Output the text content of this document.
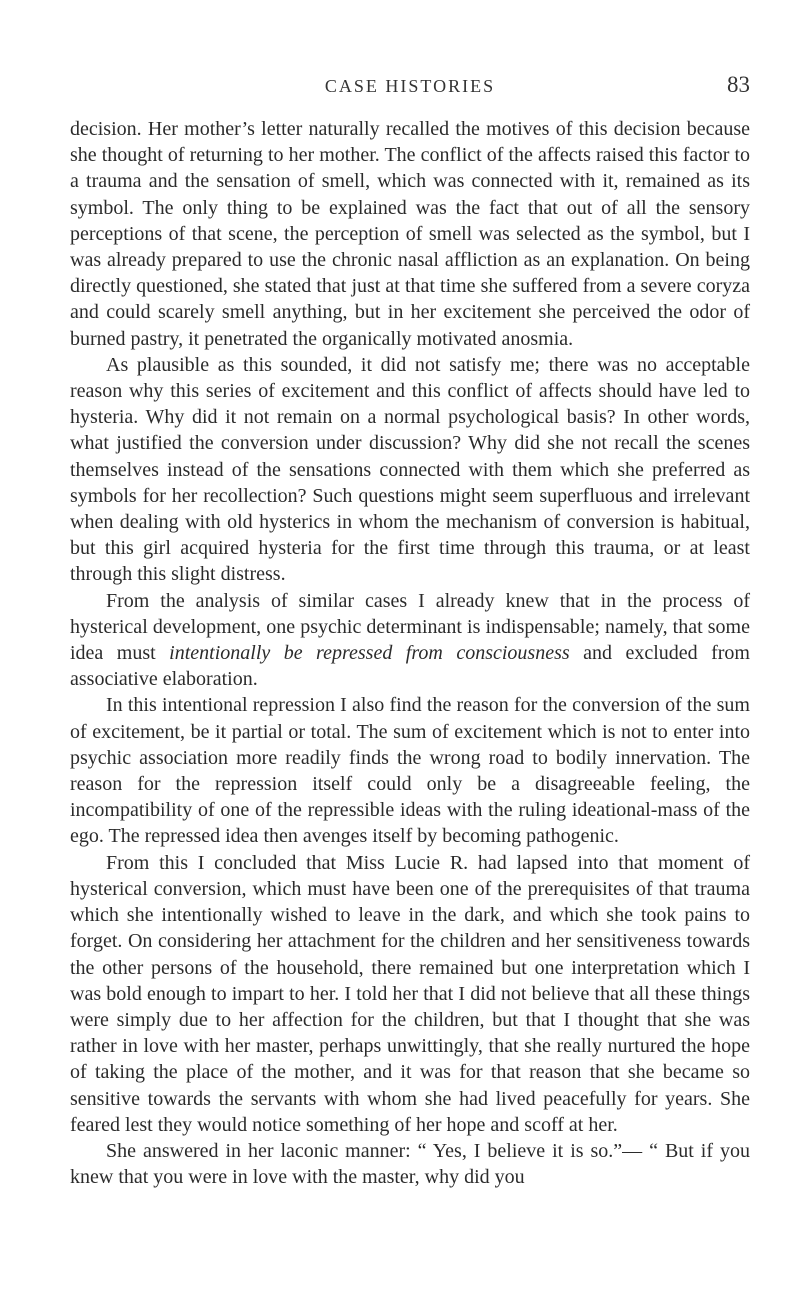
CASE HISTORIES	83

decision. Her mother’s letter naturally recalled the motives of this decision because she thought of returning to her mother. The conflict of the affects raised this factor to a trauma and the sensation of smell, which was connected with it, remained as its symbol. The only thing to be explained was the fact that out of all the sensory perceptions of that scene, the perception of smell was selected as the symbol, but I was already prepared to use the chronic nasal affliction as an explanation. On being directly questioned, she stated that just at that time she suffered from a severe coryza and could scarely smell anything, but in her excitement she perceived the odor of burned pastry, it penetrated the organically motivated anosmia.

As plausible as this sounded, it did not satisfy me; there was no acceptable reason why this series of excitement and this conflict of affects should have led to hysteria. Why did it not remain on a normal psychological basis? In other words, what justified the conversion under discussion? Why did she not recall the scenes themselves instead of the sensations connected with them which she preferred as symbols for her recollection? Such questions might seem superfluous and irrelevant when dealing with old hysterics in whom the mechanism of conversion is habitual, but this girl acquired hysteria for the first time through this trauma, or at least through this slight distress.

From the analysis of similar cases I already knew that in the process of hysterical development, one psychic determinant is indispensable; namely, that some idea must intentionally be repressed from consciousness and excluded from associative elaboration.

In this intentional repression I also find the reason for the conversion of the sum of excitement, be it partial or total. The sum of excitement which is not to enter into psychic association more readily finds the wrong road to bodily innervation. The reason for the repression itself could only be a disagreeable feeling, the incompatibility of one of the repressible ideas with the ruling ideational-mass of the ego. The repressed idea then avenges itself by becoming pathogenic.

From this I concluded that Miss Lucie R. had lapsed into that moment of hysterical conversion, which must have been one of the prerequisites of that trauma which she intentionally wished to leave in the dark, and which she took pains to forget. On considering her attachment for the children and her sensitiveness towards the other persons of the household, there remained but one interpretation which I was bold enough to impart to her. I told her that I did not believe that all these things were simply due to her affection for the children, but that I thought that she was rather in love with her master, perhaps unwittingly, that she really nurtured the hope of taking the place of the mother, and it was for that reason that she became so sensitive towards the servants with whom she had lived peacefully for years. She feared lest they would notice something of her hope and scoff at her.

She answered in her laconic manner: “ Yes, I believe it is so.”— “ But if you knew that you were in love with the master, why did you
